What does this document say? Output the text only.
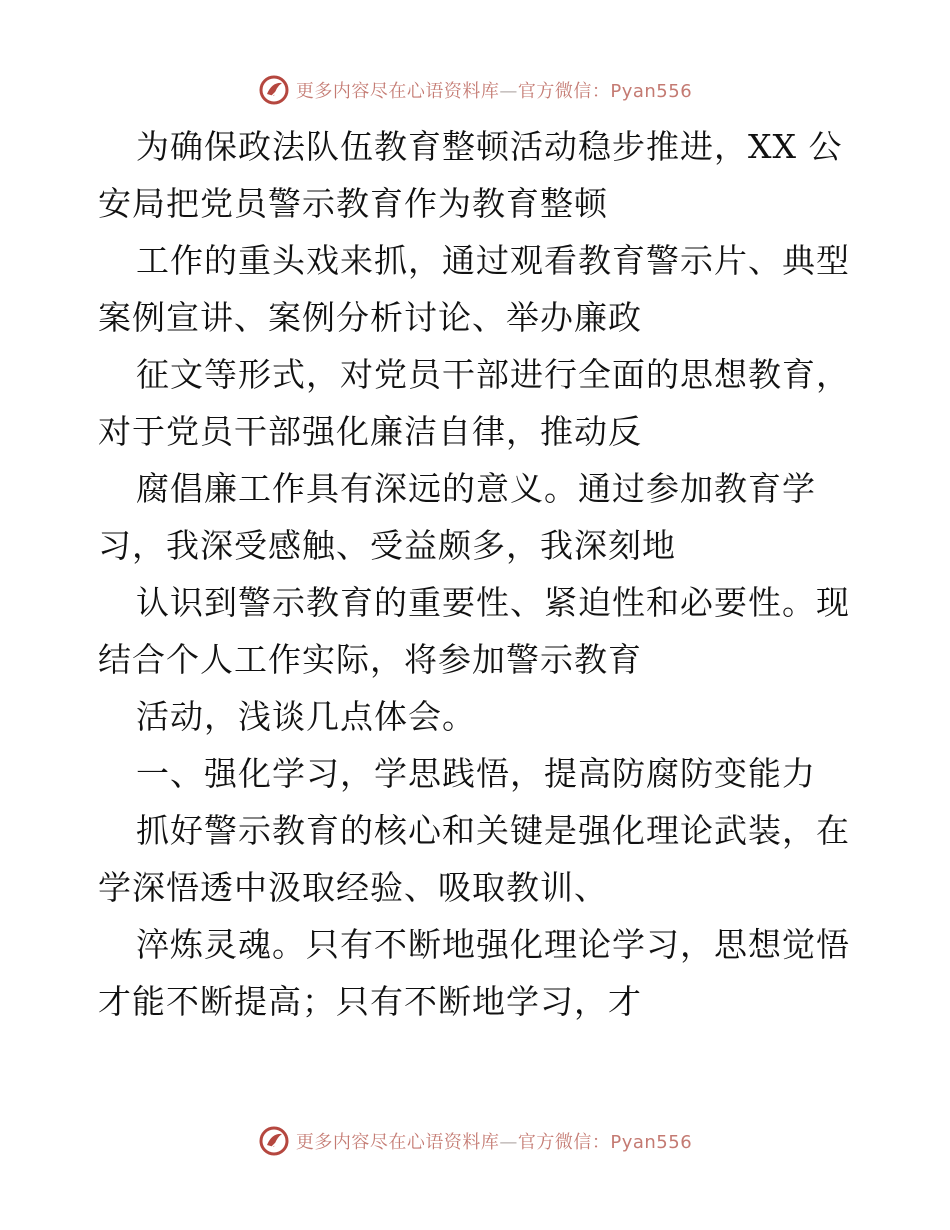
更多内容尽在心语资料库—官方微信：Pyan556
为确保政法队伍教育整顿活动稳步推进，XX 公
安局把党员警示教育作为教育整顿
工作的重头戏来抓，通过观看教育警示片、典型
案例宣讲、案例分析讨论、举办廉政
征文等形式，对党员干部进行全面的思想教育，
对于党员干部强化廉洁自律，推动反
腐倡廉工作具有深远的意义。通过参加教育学
习，我深受感触、受益颇多，我深刻地
认识到警示教育的重要性、紧迫性和必要性。现
结合个人工作实际，将参加警示教育
活动，浅谈几点体会。
一、强化学习，学思践悟，提高防腐防变能力
抓好警示教育的核心和关键是强化理论武装，在
学深悟透中汲取经验、吸取教训、
淬炼灵魂。只有不断地强化理论学习，思想觉悟
才能不断提高；只有不断地学习，才
更多内容尽在心语资料库—官方微信：Pyan556
